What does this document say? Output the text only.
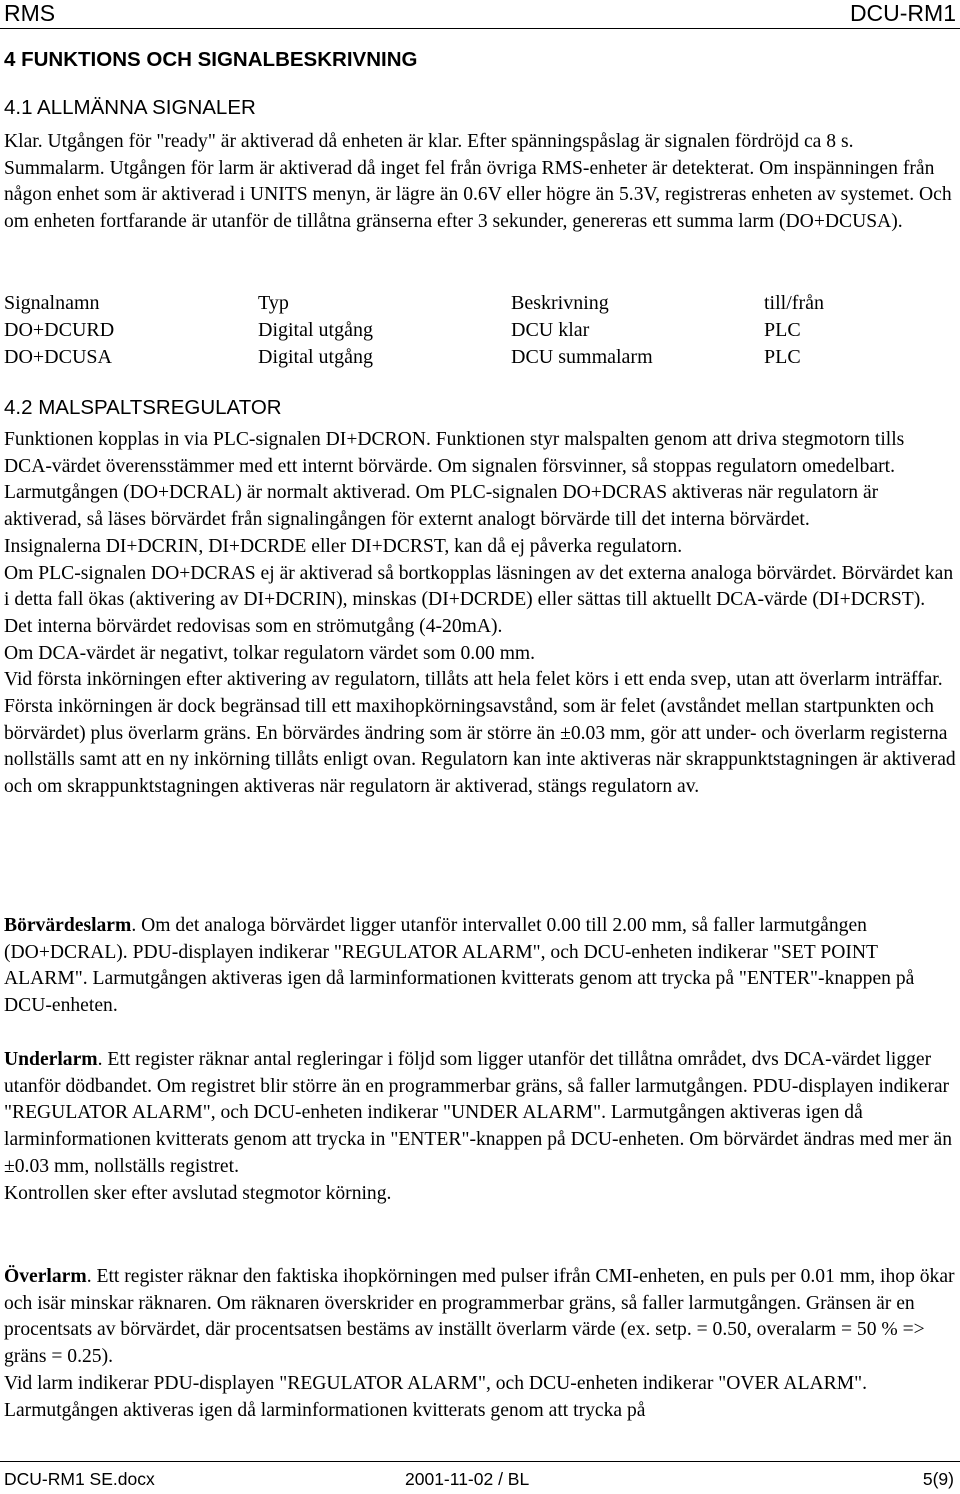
RMS	DCU-RM1
4 FUNKTIONS OCH SIGNALBESKRIVNING
4.1 ALLMÄNNA SIGNALER

Klar. Utgången för "ready" är aktiverad då enheten är klar. Efter spänningspåslag är signalen fördröjd ca 8 s.

Summalarm. Utgången för larm är aktiverad då inget fel från övriga RMS-enheter är detekterat. Om inspänningen från någon enhet som är aktiverad i UNITS menyn, är lägre än 0.6V eller högre än 5.3V, registreras enheten av systemet. Och om enheten fortfarande är utanför de tillåtna gränserna efter 3 sekunder, genereras ett summa larm (DO+DCUSA).

Signalnamn	Typ	Beskrivning	till/från
DO+DCURD	Digital utgång	DCU klar	PLC
DO+DCUSA	Digital utgång	DCU summalarm	PLC
4.2 MALSPALTSREGULATOR

Funktionen kopplas in via PLC-signalen DI+DCRON. Funktionen styr malspalten genom att driva stegmotorn tills DCA-värdet överensstämmer med ett internt börvärde. Om signalen försvinner, så stoppas regulatorn omedelbart. Larmutgången (DO+DCRAL) är normalt aktiverad. Om PLC-signalen DO+DCRAS aktiveras när regulatorn är aktiverad, så läses börvärdet från signalingången för externt analogt börvärde till det interna börvärdet.

Insignalerna DI+DCRIN, DI+DCRDE eller DI+DCRST, kan då ej påverka regulatorn.

Om PLC-signalen DO+DCRAS ej är aktiverad så bortkopplas läsningen av det externa analoga börvärdet. Börvärdet kan i detta fall ökas (aktivering av DI+DCRIN), minskas (DI+DCRDE) eller sättas till aktuellt DCA-värde (DI+DCRST).

Det interna börvärdet redovisas som en strömutgång (4-20mA).

Om DCA-värdet är negativt, tolkar regulatorn värdet som 0.00 mm.

Vid första inkörningen efter aktivering av regulatorn, tillåts att hela felet körs i ett enda svep, utan att överlarm inträffar. Första inkörningen är dock begränsad till ett maxihopkörningsavstånd, som är felet (avståndet mellan startpunkten och börvärdet) plus överlarm gräns. En börvärdes ändring som är större än ±0.03 mm, gör att under- och överlarm registerna nollställs samt att en ny inkörning tillåts enligt ovan. Regulatorn kan inte aktiveras när skrappunktstagningen är aktiverad och om skrappunktstagningen aktiveras när regulatorn är aktiverad, stängs regulatorn av.

Börvärdeslarm. Om det analoga börvärdet ligger utanför intervallet 0.00 till 2.00 mm, så faller larmutgången (DO+DCRAL). PDU-displayen indikerar "REGULATOR ALARM", och DCU-enheten indikerar "SET POINT ALARM". Larmutgången aktiveras igen då larminformationen kvitterats genom att trycka på "ENTER"-knappen på DCU-enheten.

Underlarm. Ett register räknar antal regleringar i följd som ligger utanför det tillåtna området, dvs DCA-värdet ligger utanför dödbandet. Om registret blir större än en programmerbar gräns, så faller larmutgången. PDU-displayen indikerar "REGULATOR ALARM", och DCU-enheten indikerar "UNDER ALARM". Larmutgången aktiveras igen då larminformationen kvitterats genom att trycka in "ENTER"-knappen på DCU-enheten. Om börvärdet ändras med mer än ±0.03 mm, nollställs registret.

Kontrollen sker efter avslutad stegmotor körning.

Överlarm. Ett register räknar den faktiska ihopkörningen med pulser ifrån CMI-enheten, en puls per 0.01 mm, ihop ökar och isär minskar räknaren. Om räknaren överskrider en programmerbar gräns, så faller larmutgången. Gränsen är en procentsats av börvärdet, där procentsatsen bestäms av inställt överlarm värde (ex. setp. = 0.50, overalarm = 50 % => gräns = 0.25).

Vid larm indikerar PDU-displayen "REGULATOR ALARM", och DCU-enheten indikerar "OVER ALARM". Larmutgången aktiveras igen då larminformationen kvitterats genom att trycka på

DCU-RM1 SE.docx	2001-11-02 / BL	5(9)
